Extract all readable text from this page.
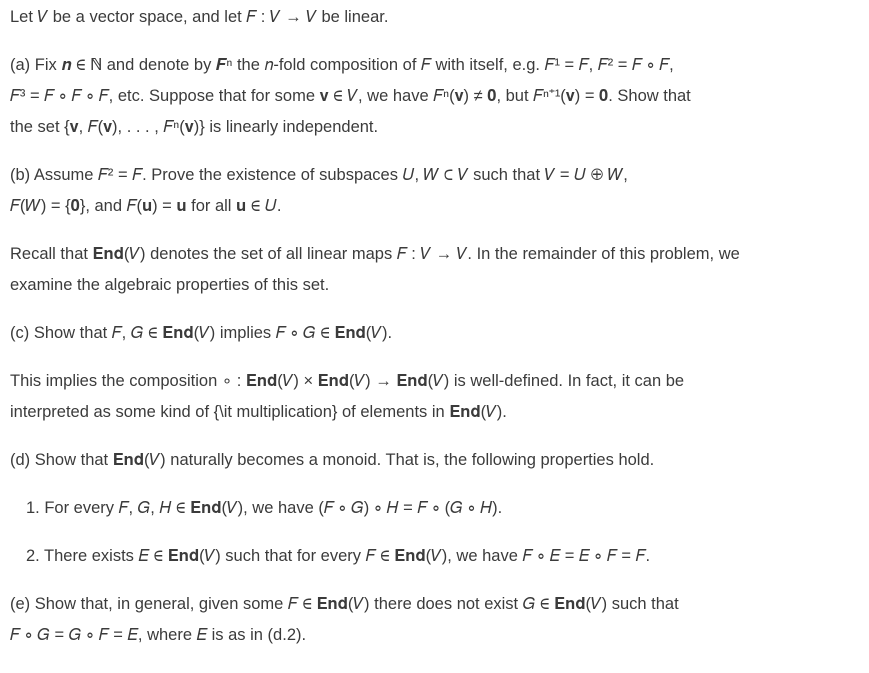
Let 𝑉 be a vector space, and let 𝐹 : 𝑉 → 𝑉 be linear.
(a) Fix 𝒏 ∈ ℕ and denote by 𝑭ⁿ the 𝑛-fold composition of 𝐹 with itself, e.g. 𝐹¹ = 𝐹, 𝐹² = 𝐹 ∘ 𝐹,
𝐹³ = 𝐹 ∘ 𝐹 ∘ 𝐹, etc. Suppose that for some 𝐯 ∈ 𝑉, we have 𝐹ⁿ(𝐯) ≠ 𝟎, but 𝐹ⁿ⁺¹(𝐯) = 𝟎. Show that
the set {𝐯, 𝐹(𝐯), . . . , 𝐹ⁿ(𝐯)} is linearly independent.
(b) Assume 𝐹² = 𝐹. Prove the existence of subspaces 𝑈, 𝑊 ⊂ 𝑉 such that 𝑉 = 𝑈 ⊕ 𝑊,
𝐹(𝑊) = {𝟎}, and 𝐹(𝐮) = 𝐮 for all 𝐮 ∈ 𝑈.
Recall that 𝐄𝐧𝐝(𝑉) denotes the set of all linear maps 𝐹 : 𝑉 → 𝑉. In the remainder of this problem, we
examine the algebraic properties of this set.
(c) Show that 𝐹, 𝐺 ∈ 𝐄𝐧𝐝(𝑉) implies 𝐹 ∘ 𝐺 ∈ 𝐄𝐧𝐝(𝑉).
This implies the composition ∘ : 𝐄𝐧𝐝(𝑉) × 𝐄𝐧𝐝(𝑉) → 𝐄𝐧𝐝(𝑉) is well-defined. In fact, it can be
interpreted as some kind of {\it multiplication} of elements in 𝐄𝐧𝐝(𝑉).
(d) Show that 𝐄𝐧𝐝(𝑉) naturally becomes a monoid. That is, the following properties hold.
1. For every 𝐹, 𝐺, 𝐻 ∈ 𝐄𝐧𝐝(𝑉), we have (𝐹 ∘ 𝐺) ∘ 𝐻 = 𝐹 ∘ (𝐺 ∘ 𝐻).
2. There exists 𝐸 ∈ 𝐄𝐧𝐝(𝑉) such that for every 𝐹 ∈ 𝐄𝐧𝐝(𝑉), we have 𝐹 ∘ 𝐸 = 𝐸 ∘ 𝐹 = 𝐹.
(e) Show that, in general, given some 𝐹 ∈ 𝐄𝐧𝐝(𝑉) there does not exist 𝐺 ∈ 𝐄𝐧𝐝(𝑉) such that
𝐹 ∘ 𝐺 = 𝐺 ∘ 𝐹 = 𝐸, where 𝐸 is as in (d.2).
